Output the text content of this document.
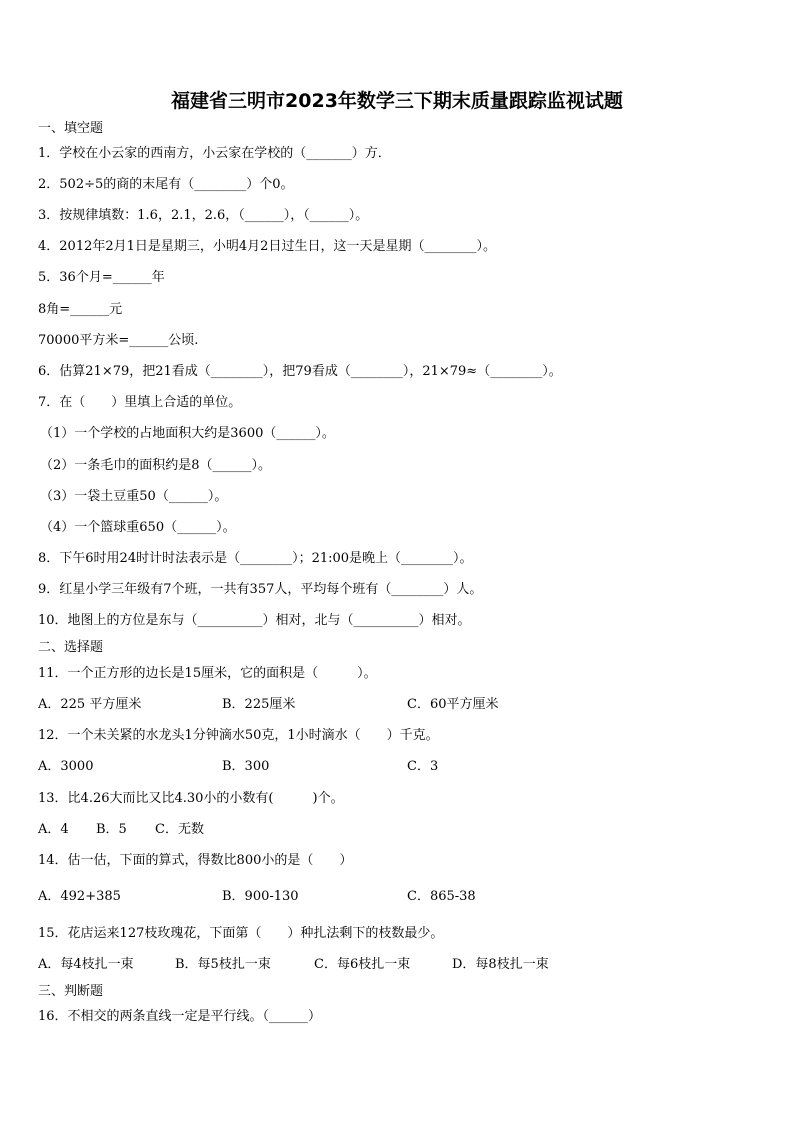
福建省三明市2023年数学三下期末质量跟踪监视试题
一、填空题
1．学校在小云家的西南方，小云家在学校的（_______）方．
2．502÷5的商的末尾有（________）个0。
3．按规律填数：1.6，2.1，2.6，（______），（______）。
4．2012年2月1日是星期三，小明4月2日过生日，这一天是星期（________）。
5．36个月=______年
8角=______元
70000平方米=______公顷.
6．估算21×79，把21看成（________），把79看成（________），21×79≈（________）。
7．在（　　）里填上合适的单位。
（1）一个学校的占地面积大约是3600（______）。
（2）一条毛巾的面积约是8（______）。
（3）一袋土豆重50（______）。
（4）一个篮球重650（______）。
8．下午6时用24时计时法表示是（________）；21:00是晚上（________）。
9．红星小学三年级有7个班，一共有357人，平均每个班有（________）人。
10．地图上的方位是东与（__________）相对，北与（__________）相对。
二、选择题
11．一个正方形的边长是15厘米，它的面积是（　　　）。
A．225 平方厘米	B．225厘米	C．60平方厘米
12．一个未关紧的水龙头1分钟滴水50克，1小时滴水（　　）千克。
A．3000	B．300	C．3
13．比4.26大而比又比4.30小的小数有(　　　)个。
A．4 B．5 C．无数
14．估一估，下面的算式，得数比800小的是（　　）
A．492+385	B．900-130	C．865-38
15．花店运来127枝玫瑰花，下面第（　　）种扎法剩下的枝数最少。
A．每4枝扎一束	B．每5枝扎一束	C．每6枝扎一束	D．每8枝扎一束
三、判断题
16．不相交的两条直线一定是平行线。（______）
